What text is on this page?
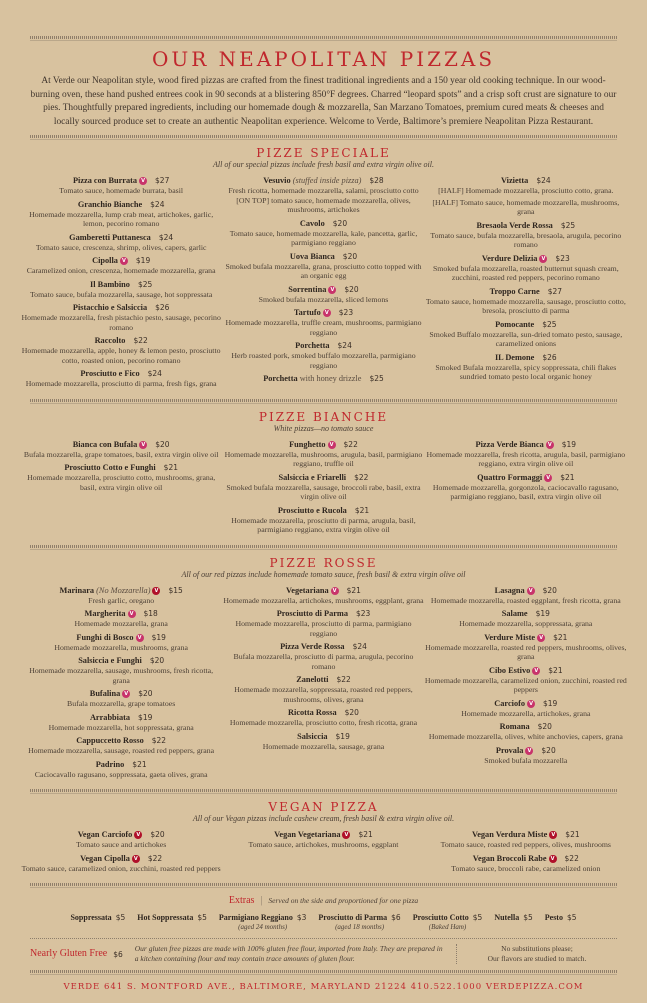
OUR NEAPOLITAN PIZZAS

At Verde our Neapolitan style, wood fired pizzas are crafted from the finest traditional ingredients and a 150 year old cooking technique. In our wood-burning oven, these hand pushed entrees cook in 90 seconds at a blistering 850°F degrees. Charred “leopard spots” and a crisp soft crust are signature to our pies. Thoughtfully prepared ingredients, including our homemade dough & mozzarella, San Marzano Tomatoes, premium cured meats & cheeses and locally sourced produce set to create an authentic Neapolitan experience. Welcome to Verde, Baltimore’s premiere Neapolitan Pizza Restaurant.

PIZZE SPECIALE
All of our special pizzas include fresh basil and extra virgin olive oil.
Pizza con Burrata V $27
Tomato sauce, homemade burrata, basil
Granchio Bianche $24
Homemade mozzarella, lump crab meat, artichokes, garlic, lemon, pecorino romano
Gamberetti Puttanesca $24
Tomato sauce, crescenza, shrimp, olives, capers, garlic
Cipolla V $19
Caramelized onion, crescenza, homemade mozzarella, grana
Il Bambino $25
Tomato sauce, bufala mozzarella, sausage, hot soppressata
Pistacchio e Salsiccia $26
Homemade mozzarella, fresh pistachio pesto, sausage, pecorino romano
Raccolto $22
Homemade mozzarella, apple, honey & lemon pesto, prosciutto cotto, roasted onion, pecorino romano
Prosciutto e Fico $24
Homemade mozzarella, prosciutto di parma, fresh figs, grana
Vesuvio (stuffed inside pizza) $28
Fresh ricotta, homemade mozzarella, salami, prosciutto cotto [ON TOP] tomato sauce, homemade mozzarella, olives, mushrooms, artichokes
Cavolo $20
Tomato sauce, homemade mozzarella, kale, pancetta, garlic, parmigiano reggiano
Uova Bianca $20
Smoked bufala mozzarella, grana, prosciutto cotto topped with an organic egg
Sorrentina V $20
Smoked bufala mozzarella, sliced lemons
Tartufo V $23
Homemade mozzarella, truffle cream, mushrooms, parmigiano reggiano
Porchetta $24
Herb roasted pork, smoked buffalo mozzarella, parmigiano reggiano
Porchetta with honey drizzle $25
Vizietta $24
[HALF] Homemade mozzarella, prosciutto cotto, grana.
[HALF] Tomato sauce, homemade mozzarella, mushrooms, grana
Bresaola Verde Rossa $25
Tomato sauce, bufala mozzarella, bresaola, arugula, pecorino romano
Verdure Delizia V $23
Smoked bufala mozzarella, roasted butternut squash cream, zucchini, roasted red peppers, pecorino romano
Troppo Carne $27
Tomato sauce, homemade mozzarella, sausage, prosciutto cotto, bresola, prosciutto di parma
Pomocante $25
Smoked Buffalo mozzarella, sun-dried tomato pesto, sausage, caramelized onions
IL Demone $26
Smoked Bufala mozzarella, spicy soppressata, chili flakes sundried tomato pesto local organic honey
PIZZE BIANCHE
White pizzas—no tomato sauce
Bianca con Bufala V $20
Bufala mozzarella, grape tomatoes, basil, extra virgin olive oil
Prosciutto Cotto e Funghi $21
Homemade mozzarella, prosciutto cotto, mushrooms, grana, basil, extra virgin olive oil
Funghetto V $22
Homemade mozzarella, mushrooms, arugula, basil, parmigiano reggiano, truffle oil
Salsiccia e Friarelli $22
Smoked bufala mozzarella, sausage, broccoli rabe, basil, extra virgin olive oil
Prosciutto e Rucola $21
Homemade mozzarella, prosciutto di parma, arugula, basil, parmigiano reggiano, extra virgin olive oil
Pizza Verde Bianca V $19
Homemade mozzarella, fresh ricotta, arugula, basil, parmigiano reggiano, extra virgin olive oil
Quattro Formaggi V $21
Homemade mozzarella, gorgonzola, caciocavallo ragusano, parmigiano reggiano, basil, extra virgin olive oil
PIZZE ROSSE
All of our red pizzas include homemade tomato sauce, fresh basil & extra virgin olive oil
Marinara (No Mozzarella) V $15
Fresh garlic, oregano
Margherita V $18
Homemade mozzarella, grana
Funghi di Bosco V $19
Homemade mozzarella, mushrooms, grana
Salsiccia e Funghi $20
Homemade mozzarella, sausage, mushrooms, fresh ricotta, grana
Bufalina V $20
Bufala mozzarella, grape tomatoes
Arrabbiata $19
Homemade mozzarella, hot soppressata, grana
Cappuccetto Rosso $22
Homemade mozzarella, sausage, roasted red peppers, grana
Padrino $21
Caciocavallo ragusano, soppressata, gaeta olives, grana
Vegetariana V $21
Homemade mozzarella, artichokes, mushrooms, eggplant, grana
Prosciutto di Parma $23
Homemade mozzarella, prosciutto di parma, parmigiano reggiano
Pizza Verde Rossa $24
Bufala mozzarella, prosciutto di parma, arugula, pecorino romano
Zanelotti $22
Homemade mozzarella, soppressata, roasted red peppers, mushrooms, olives, grana
Ricotta Rossa $20
Homemade mozzarella, prosciutto cotto, fresh ricotta, grana
Salsiccia $19
Homemade mozzarella, sausage, grana
Lasagna V $20
Homemade mozzarella, roasted eggplant, fresh ricotta, grana
Salame $19
Homemade mozzarella, soppressata, grana
Verdure Miste V $21
Homemade mozzarella, roasted red peppers, mushrooms, olives, grana
Cibo Estivo V $21
Homemade mozzarella, caramelized onion, zucchini, roasted red peppers
Carciofo V $19
Homemade mozzarella, artichokes, grana
Romana $20
Homemade mozzarella, olives, white anchovies, capers, grana
Provala V $20
Smoked bufala mozzarella
VEGAN PIZZA
All of our Vegan pizzas include cashew cream, fresh basil & extra virgin olive oil.
Vegan Carciofo V $20
Tomato sauce and artichokes
Vegan Cipolla V $22
Tomato sauce, caramelized onion, zucchini, roasted red peppers
Vegan Vegetariana V $21
Tomato sauce, artichokes, mushrooms, eggplant
Vegan Verdura Miste V $21
Tomato sauce, roasted red peppers, olives, mushrooms
Vegan Broccoli Rabe V $22
Tomato sauce, broccoli rabe, caramelized onion
Extras | Served on the side and proportioned for one pizza
Soppressata $5 Hot Soppressata $5 Parmigiano Reggiano $3
(aged 24 months)
Prosciutto di Parma $6
(aged 18 months)
Prosciutto Cotto $5
(Baked Ham)
Nutella $5 Pesto $5
Nearly Gluten Free $6
Our gluten free pizzas are made with 100% gluten free flour, imported from Italy. They are prepared in a kitchen containing flour and may contain trace amounts of gluten flour.
No substitutions please;
Our flavors are studied to match.
VERDE 641 S. MONTFORD AVE., BALTIMORE, MARYLAND 21224 410.522.1000 VERDEPIZZA.COM
